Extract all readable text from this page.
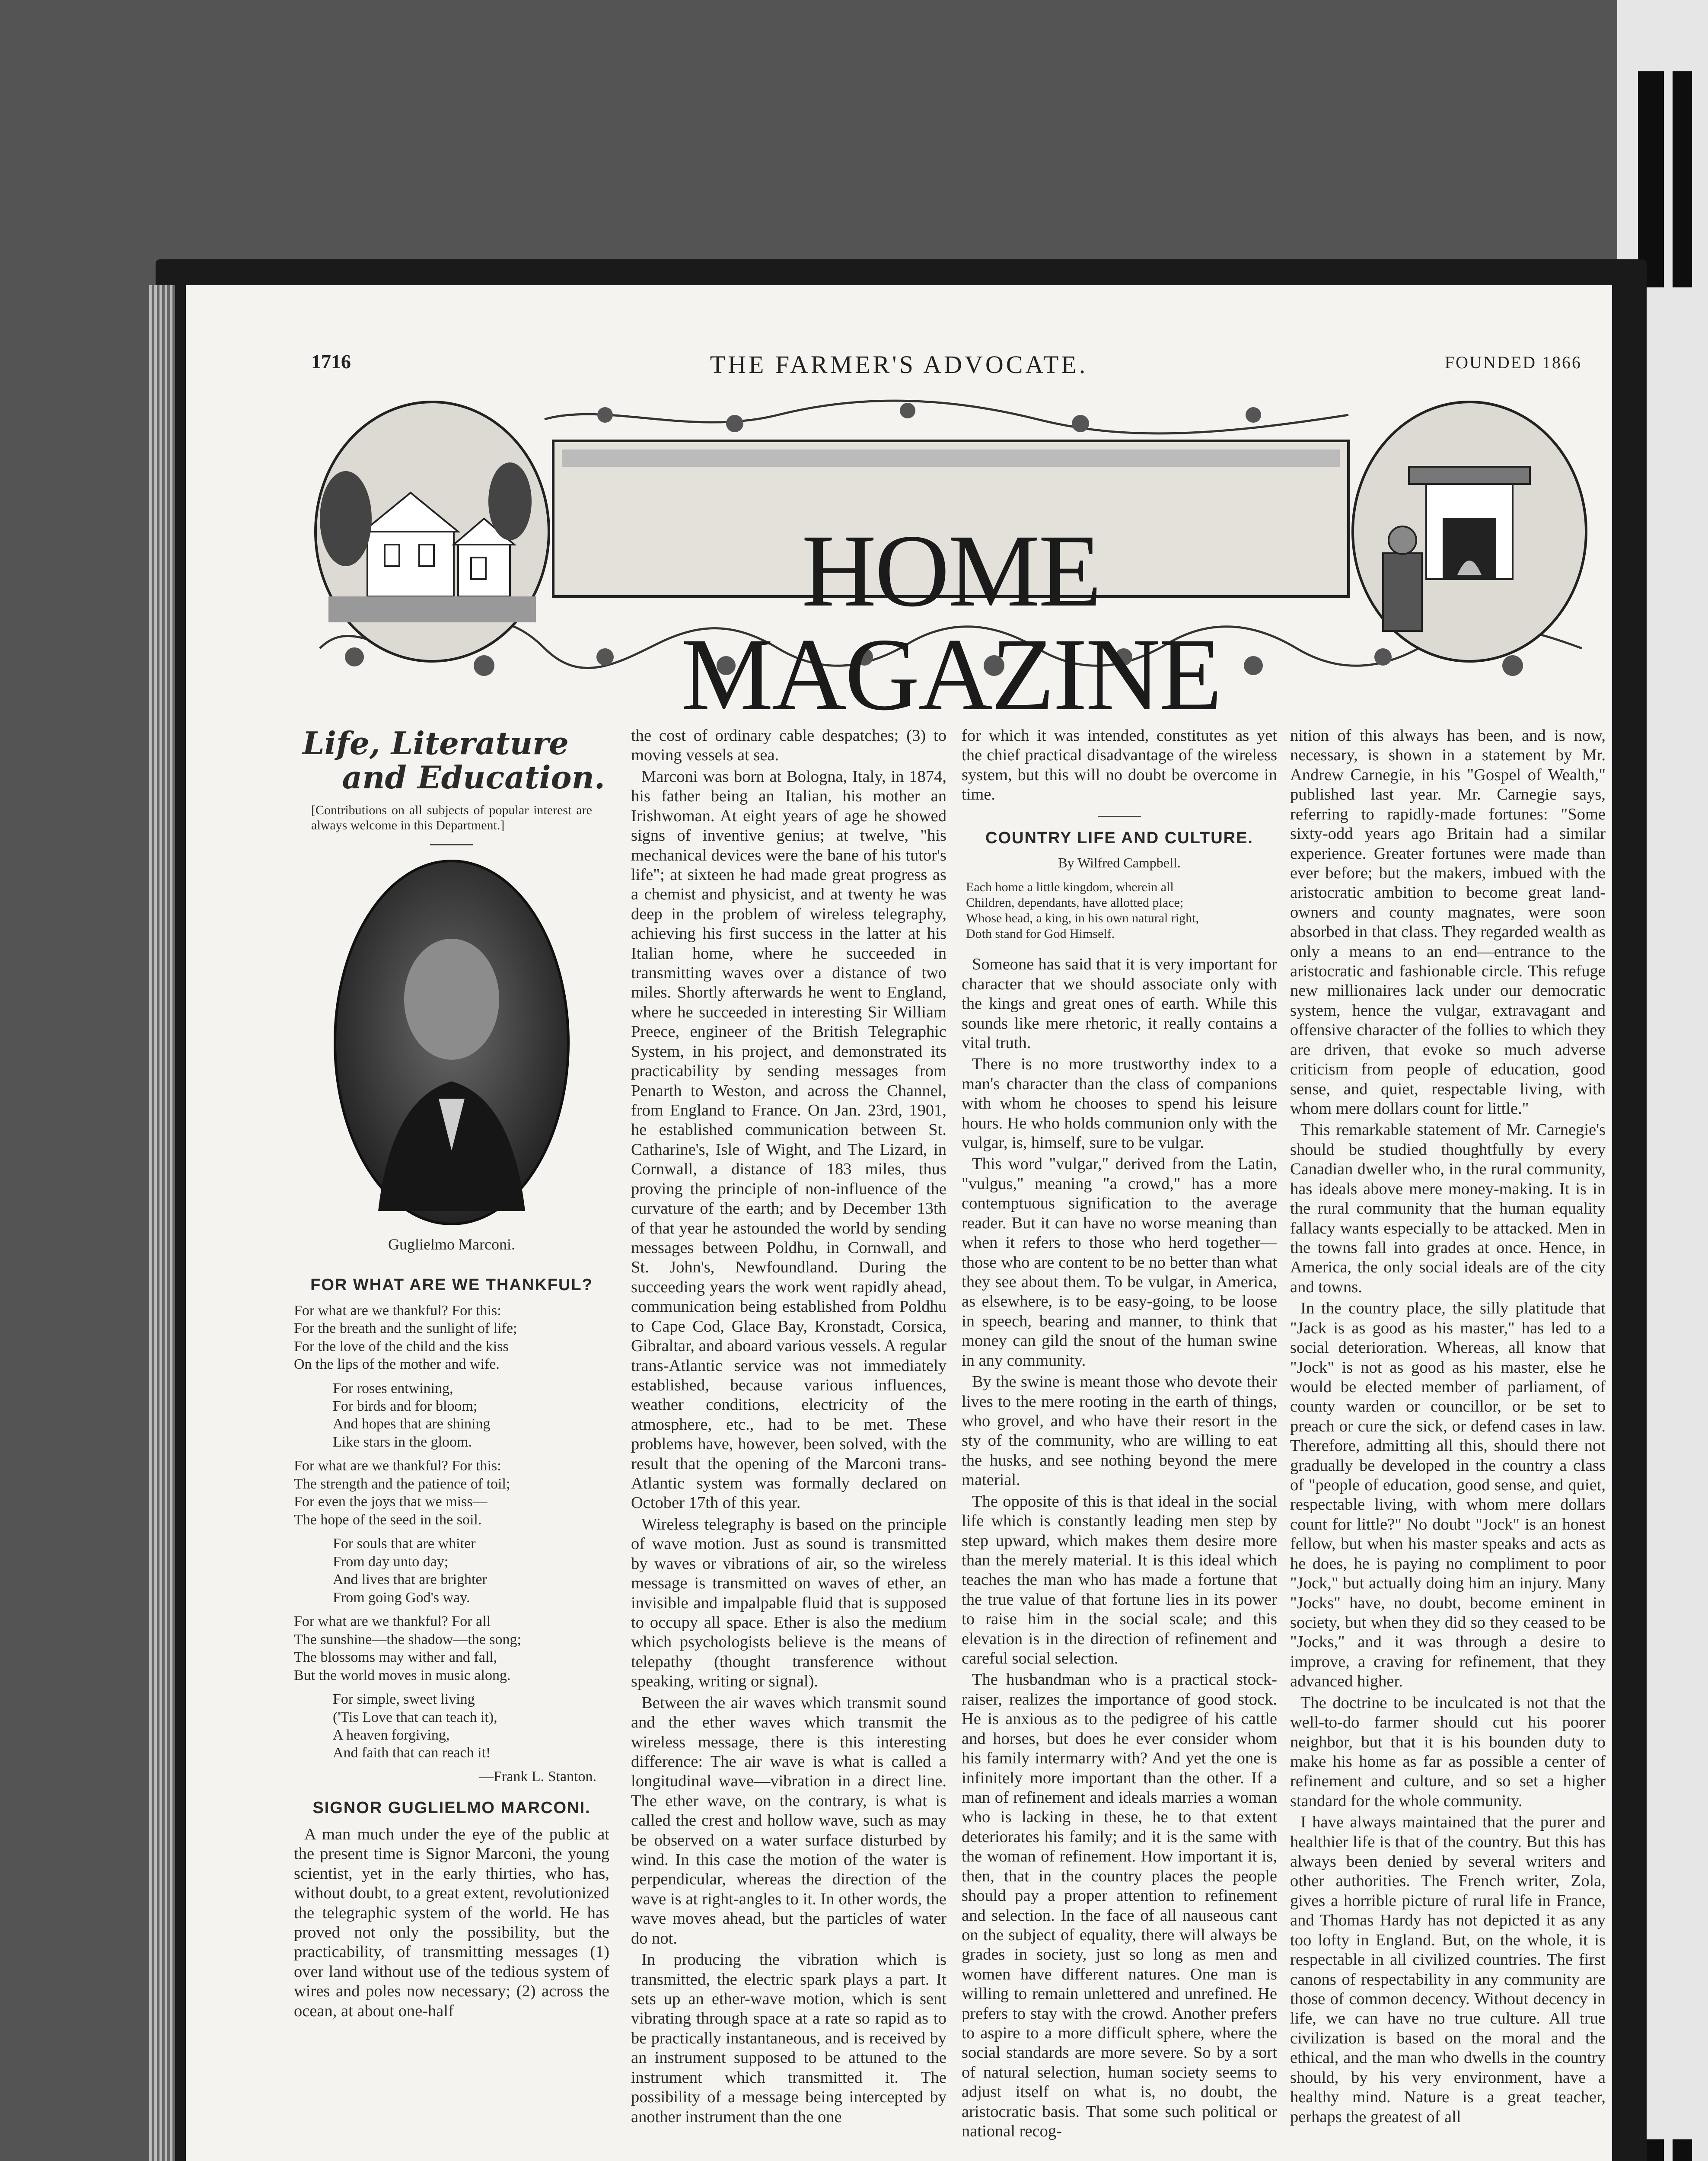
1716	THE FARMER'S ADVOCATE.	FOUNDED 1866
HOME MAGAZINE
Life, Literature
and Education.
[Contributions on all subjects of popular interest are always welcome in this Department.]
Guglielmo Marconi.
FOR WHAT ARE WE THANKFUL?
For what are we thankful? For this:
For the breath and the sunlight of life;
For the love of the child and the kiss
On the lips of the mother and wife.
For roses entwining,
For birds and for bloom;
And hopes that are shining
Like stars in the gloom.
For what are we thankful? For this:
The strength and the patience of toil;
For even the joys that we miss—
The hope of the seed in the soil.
For souls that are whiter
From day unto day;
And lives that are brighter
From going God's way.
For what are we thankful? For all
The sunshine—the shadow—the song;
The blossoms may wither and fall,
But the world moves in music along.
For simple, sweet living
('Tis Love that can teach it),
A heaven forgiving,
And faith that can reach it!
—Frank L. Stanton.
SIGNOR GUGLIELMO MARCONI.

A man much under the eye of the public at the present time is Signor Marconi, the young scientist, yet in the early thirties, who has, without doubt, to a great extent, revolutionized the telegraphic system of the world. He has proved not only the possibility, but the practicability, of transmitting messages (1) over land without use of the tedious system of wires and poles now necessary; (2) across the ocean, at about one-half

the cost of ordinary cable despatches; (3) to moving vessels at sea.

Marconi was born at Bologna, Italy, in 1874, his father being an Italian, his mother an Irishwoman. At eight years of age he showed signs of inventive genius; at twelve, "his mechanical devices were the bane of his tutor's life"; at sixteen he had made great progress as a chemist and physicist, and at twenty he was deep in the problem of wireless telegraphy, achieving his first success in the latter at his Italian home, where he succeeded in transmitting waves over a distance of two miles. Shortly afterwards he went to England, where he succeeded in interesting Sir William Preece, engineer of the British Telegraphic System, in his project, and demonstrated its practicability by sending messages from Penarth to Weston, and across the Channel, from England to France. On Jan. 23rd, 1901, he established communication between St. Catharine's, Isle of Wight, and The Lizard, in Cornwall, a distance of 183 miles, thus proving the principle of non-influence of the curvature of the earth; and by December 13th of that year he astounded the world by sending messages between Poldhu, in Cornwall, and St. John's, Newfoundland. During the succeeding years the work went rapidly ahead, communication being established from Poldhu to Cape Cod, Glace Bay, Kronstadt, Corsica, Gibraltar, and aboard various vessels. A regular trans-Atlantic service was not immediately established, because various influences, weather conditions, electricity of the atmosphere, etc., had to be met. These problems have, however, been solved, with the result that the opening of the Marconi trans-Atlantic system was formally declared on October 17th of this year.

Wireless telegraphy is based on the principle of wave motion. Just as sound is transmitted by waves or vibrations of air, so the wireless message is transmitted on waves of ether, an invisible and impalpable fluid that is supposed to occupy all space. Ether is also the medium which psychologists believe is the means of telepathy (thought transference without speaking, writing or signal).

Between the air waves which transmit sound and the ether waves which transmit the wireless message, there is this interesting difference: The air wave is what is called a longitudinal wave—vibration in a direct line. The ether wave, on the contrary, is what is called the crest and hollow wave, such as may be observed on a water surface disturbed by wind. In this case the motion of the water is perpendicular, whereas the direction of the wave is at right-angles to it. In other words, the wave moves ahead, but the particles of water do not.

In producing the vibration which is transmitted, the electric spark plays a part. It sets up an ether-wave motion, which is sent vibrating through space at a rate so rapid as to be practically instantaneous, and is received by an instrument supposed to be attuned to the instrument which transmitted it. The possibility of a message being intercepted by another instrument than the one

for which it was intended, constitutes as yet the chief practical disadvantage of the wireless system, but this will no doubt be overcome in time.

COUNTRY LIFE AND CULTURE.
By Wilfred Campbell.
Each home a little kingdom, wherein all
Children, dependants, have allotted place;
Whose head, a king, in his own natural right,
Doth stand for God Himself.

Someone has said that it is very important for character that we should associate only with the kings and great ones of earth. While this sounds like mere rhetoric, it really contains a vital truth.

There is no more trustworthy index to a man's character than the class of companions with whom he chooses to spend his leisure hours. He who holds communion only with the vulgar, is, himself, sure to be vulgar.

This word "vulgar," derived from the Latin, "vulgus," meaning "a crowd," has a more contemptuous signification to the average reader. But it can have no worse meaning than when it refers to those who herd together—those who are content to be no better than what they see about them. To be vulgar, in America, as elsewhere, is to be easy-going, to be loose in speech, bearing and manner, to think that money can gild the snout of the human swine in any community.

By the swine is meant those who devote their lives to the mere rooting in the earth of things, who grovel, and who have their resort in the sty of the community, who are willing to eat the husks, and see nothing beyond the mere material.

The opposite of this is that ideal in the social life which is constantly leading men step by step upward, which makes them desire more than the merely material. It is this ideal which teaches the man who has made a fortune that the true value of that fortune lies in its power to raise him in the social scale; and this elevation is in the direction of refinement and careful social selection.

The husbandman who is a practical stock-raiser, realizes the importance of good stock. He is anxious as to the pedigree of his cattle and horses, but does he ever consider whom his family intermarry with? And yet the one is infinitely more important than the other. If a man of refinement and ideals marries a woman who is lacking in these, he to that extent deteriorates his family; and it is the same with the woman of refinement. How important it is, then, that in the country places the people should pay a proper attention to refinement and selection. In the face of all nauseous cant on the subject of equality, there will always be grades in society, just so long as men and women have different natures. One man is willing to remain unlettered and unrefined. He prefers to stay with the crowd. Another prefers to aspire to a more difficult sphere, where the social standards are more severe. So by a sort of natural selection, human society seems to adjust itself on what is, no doubt, the aristocratic basis. That some such political or national recog-

nition of this always has been, and is now, necessary, is shown in a statement by Mr. Andrew Carnegie, in his "Gospel of Wealth," published last year. Mr. Carnegie says, referring to rapidly-made fortunes: "Some sixty-odd years ago Britain had a similar experience. Greater fortunes were made than ever before; but the makers, imbued with the aristocratic ambition to become great land-owners and county magnates, were soon absorbed in that class. They regarded wealth as only a means to an end—entrance to the aristocratic and fashionable circle. This refuge new millionaires lack under our democratic system, hence the vulgar, extravagant and offensive character of the follies to which they are driven, that evoke so much adverse criticism from people of education, good sense, and quiet, respectable living, with whom mere dollars count for little."

This remarkable statement of Mr. Carnegie's should be studied thoughtfully by every Canadian dweller who, in the rural community, has ideals above mere money-making. It is in the rural community that the human equality fallacy wants especially to be attacked. Men in the towns fall into grades at once. Hence, in America, the only social ideals are of the city and towns.

In the country place, the silly platitude that "Jack is as good as his master," has led to a social deterioration. Whereas, all know that "Jock" is not as good as his master, else he would be elected member of parliament, of county warden or councillor, or be set to preach or cure the sick, or defend cases in law. Therefore, admitting all this, should there not gradually be developed in the country a class of "people of education, good sense, and quiet, respectable living, with whom mere dollars count for little?" No doubt "Jock" is an honest fellow, but when his master speaks and acts as he does, he is paying no compliment to poor "Jock," but actually doing him an injury. Many "Jocks" have, no doubt, become eminent in society, but when they did so they ceased to be "Jocks," and it was through a desire to improve, a craving for refinement, that they advanced higher.

The doctrine to be inculcated is not that the well-to-do farmer should cut his poorer neighbor, but that it is his bounden duty to make his home as far as possible a center of refinement and culture, and so set a higher standard for the whole community.

I have always maintained that the purer and healthier life is that of the country. But this has always been denied by several writers and other authorities. The French writer, Zola, gives a horrible picture of rural life in France, and Thomas Hardy has not depicted it as any too lofty in England. But, on the whole, it is respectable in all civilized countries. The first canons of respectability in any community are those of common decency. Without decency in life, we can have no true culture. All true civilization is based on the moral and the ethical, and the man who dwells in the country should, by his very environment, have a healthy mind. Nature is a great teacher, perhaps the greatest of all
